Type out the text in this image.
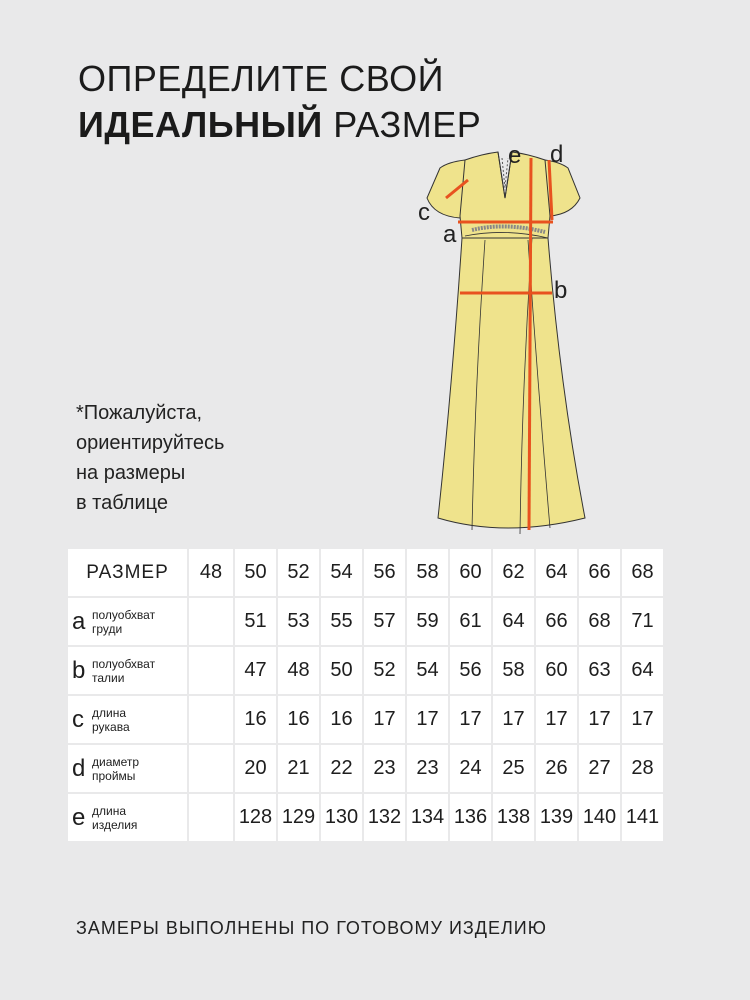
ОПРЕДЕЛИТЕ СВОЙ
ИДЕАЛЬНЫЙ РАЗМЕР
*Пожалуйста,
ориентируйтесь
на размеры
в таблице
e d
c
a
b
РАЗМЕР	48	50	52	54	56	58	60	62	64	66	68

a полуобхват
груди		51	53	55	57	59	61	64	66	68	71

b полуобхват
талии		47	48	50	52	54	56	58	60	63	64

c длина
рукава		16	16	16	17	17	17	17	17	17	17

d диаметр
проймы		20	21	22	23	23	24	25	26	27	28

e длина
изделия		128	129	130	132	134	136	138	139	140	141
ЗАМЕРЫ ВЫПОЛНЕНЫ ПО ГОТОВОМУ ИЗДЕЛИЮ
